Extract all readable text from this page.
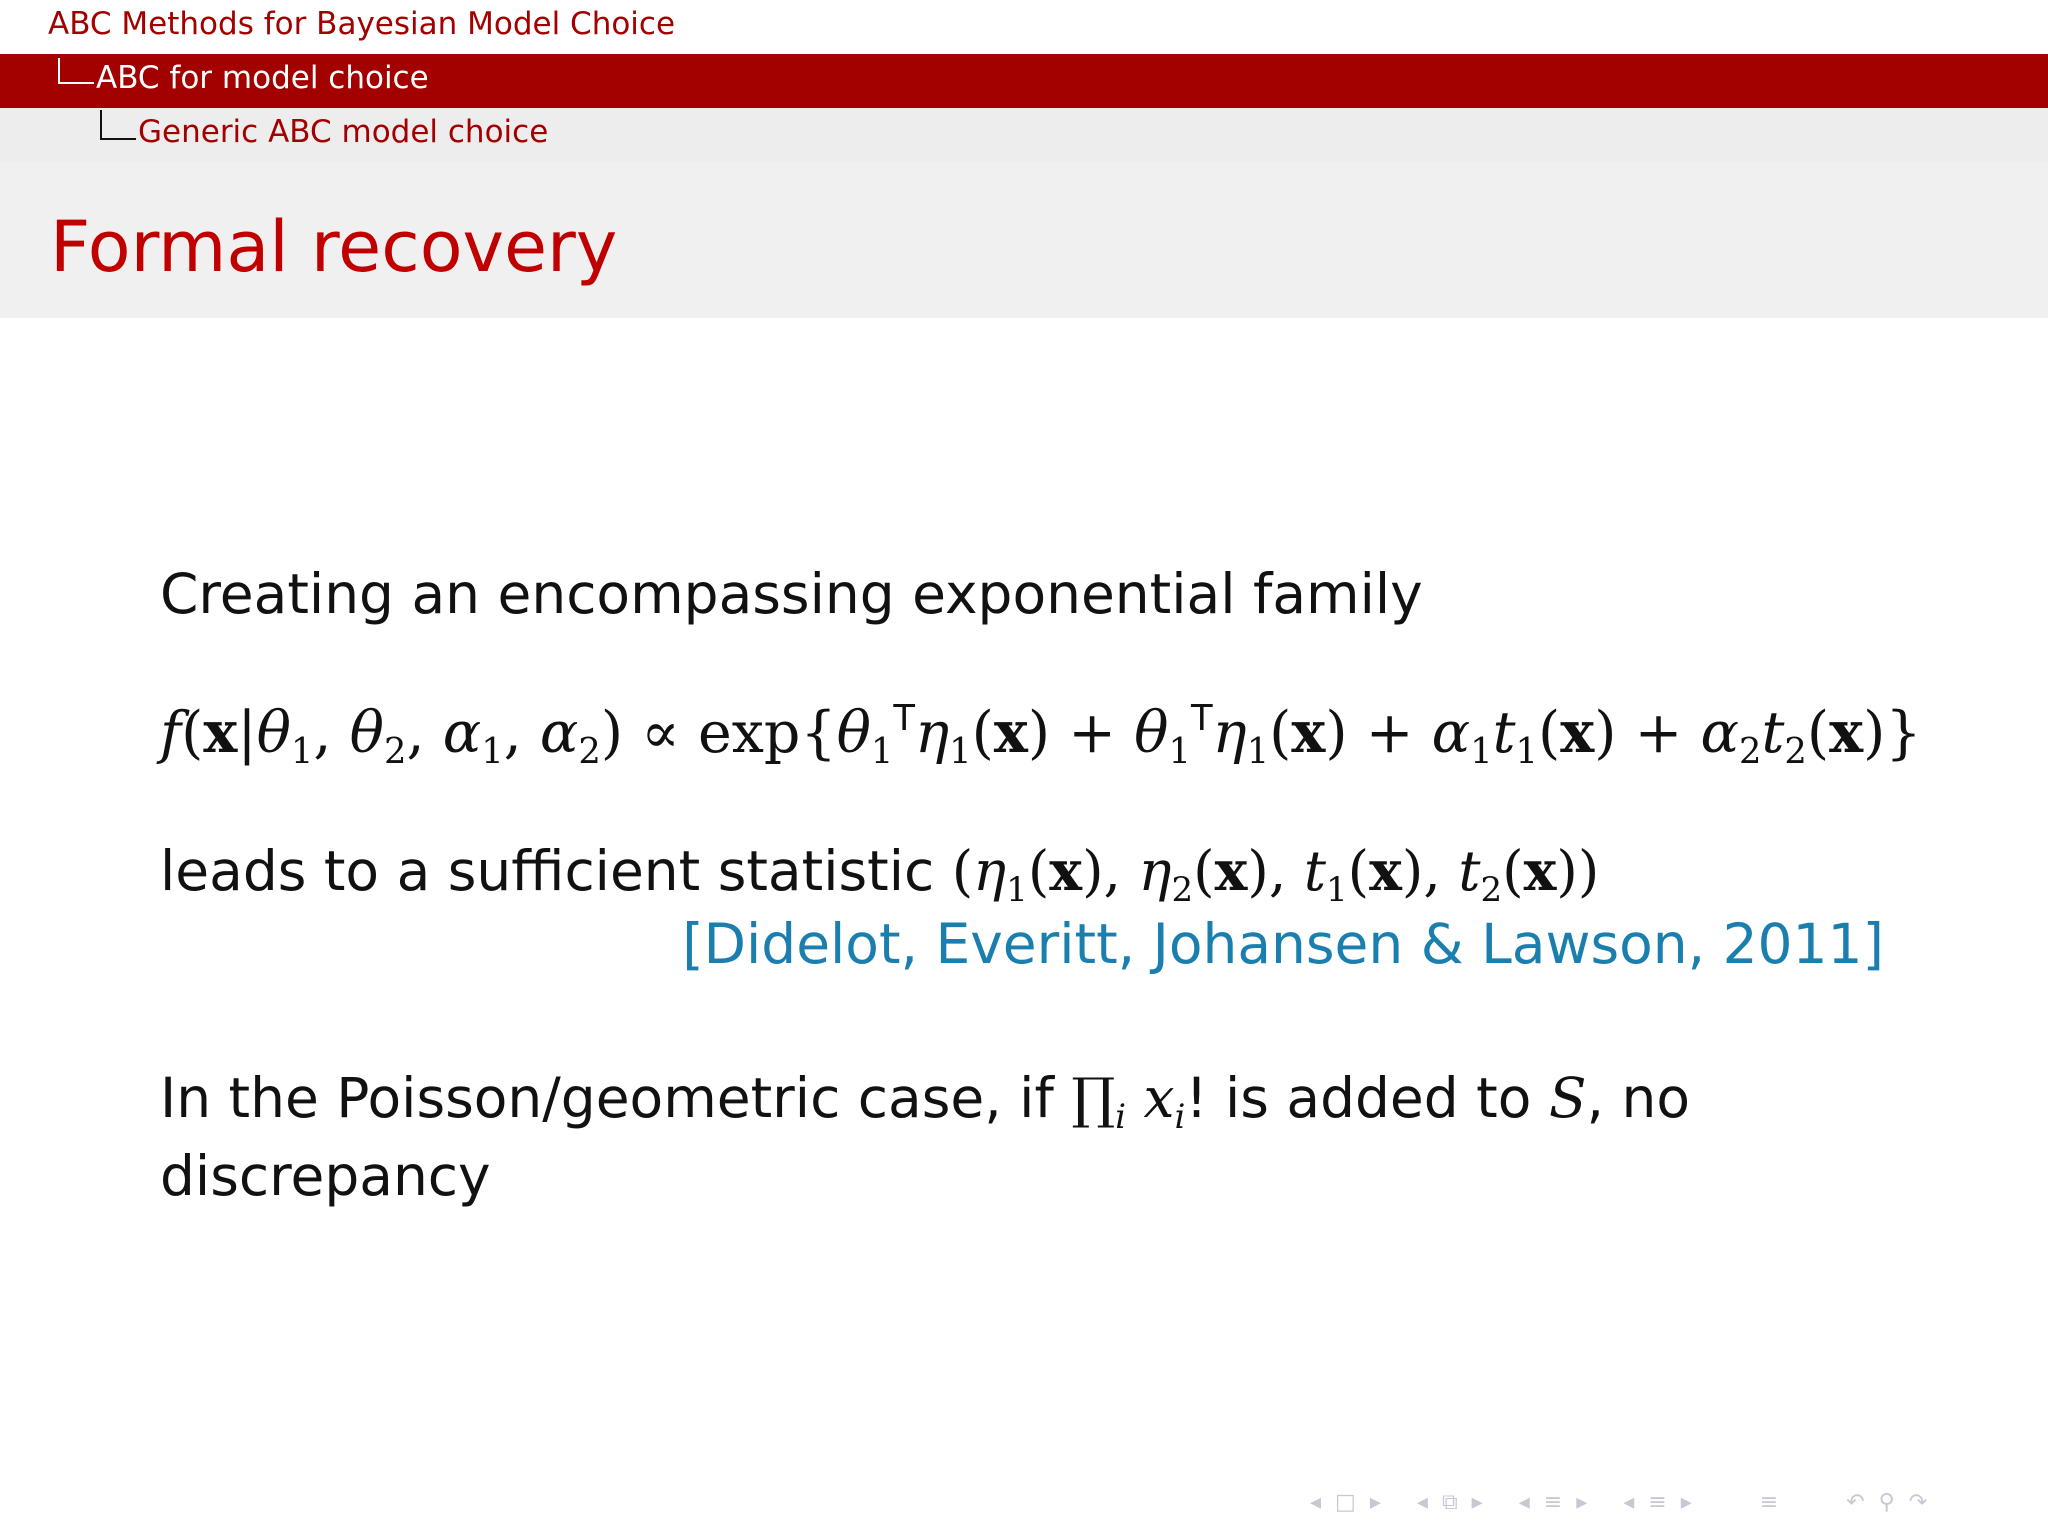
ABC Methods for Bayesian Model Choice
ABC for model choice
Generic ABC model choice
Formal recovery
Creating an encompassing exponential family
$f(x|\theta_1$, $\theta_2$, $\alpha_1$, $\alpha_2) \propto \exp\{\theta_1^T\eta_1(x) + \theta_1^T\eta_1(x) + \alpha_1t_1(x) + \alpha_2t_2(x)\}$
leads to a sufficient statistic ($\eta_1(x)$, $\eta_2(x)$, $t_1(x)$, $t_2(x)$)
[Didelot, Everitt, Johansen & Lawson, 2011]
In the Poisson/geometric case, if $\prod_i$ $x_i$! is added to S, no
discrepancy
◂ □ ▸ ◂ ⧉ ▸ ◂ ≡ ▸ ◂ ≡ ▸	≡	↶ ⚲ ↷
